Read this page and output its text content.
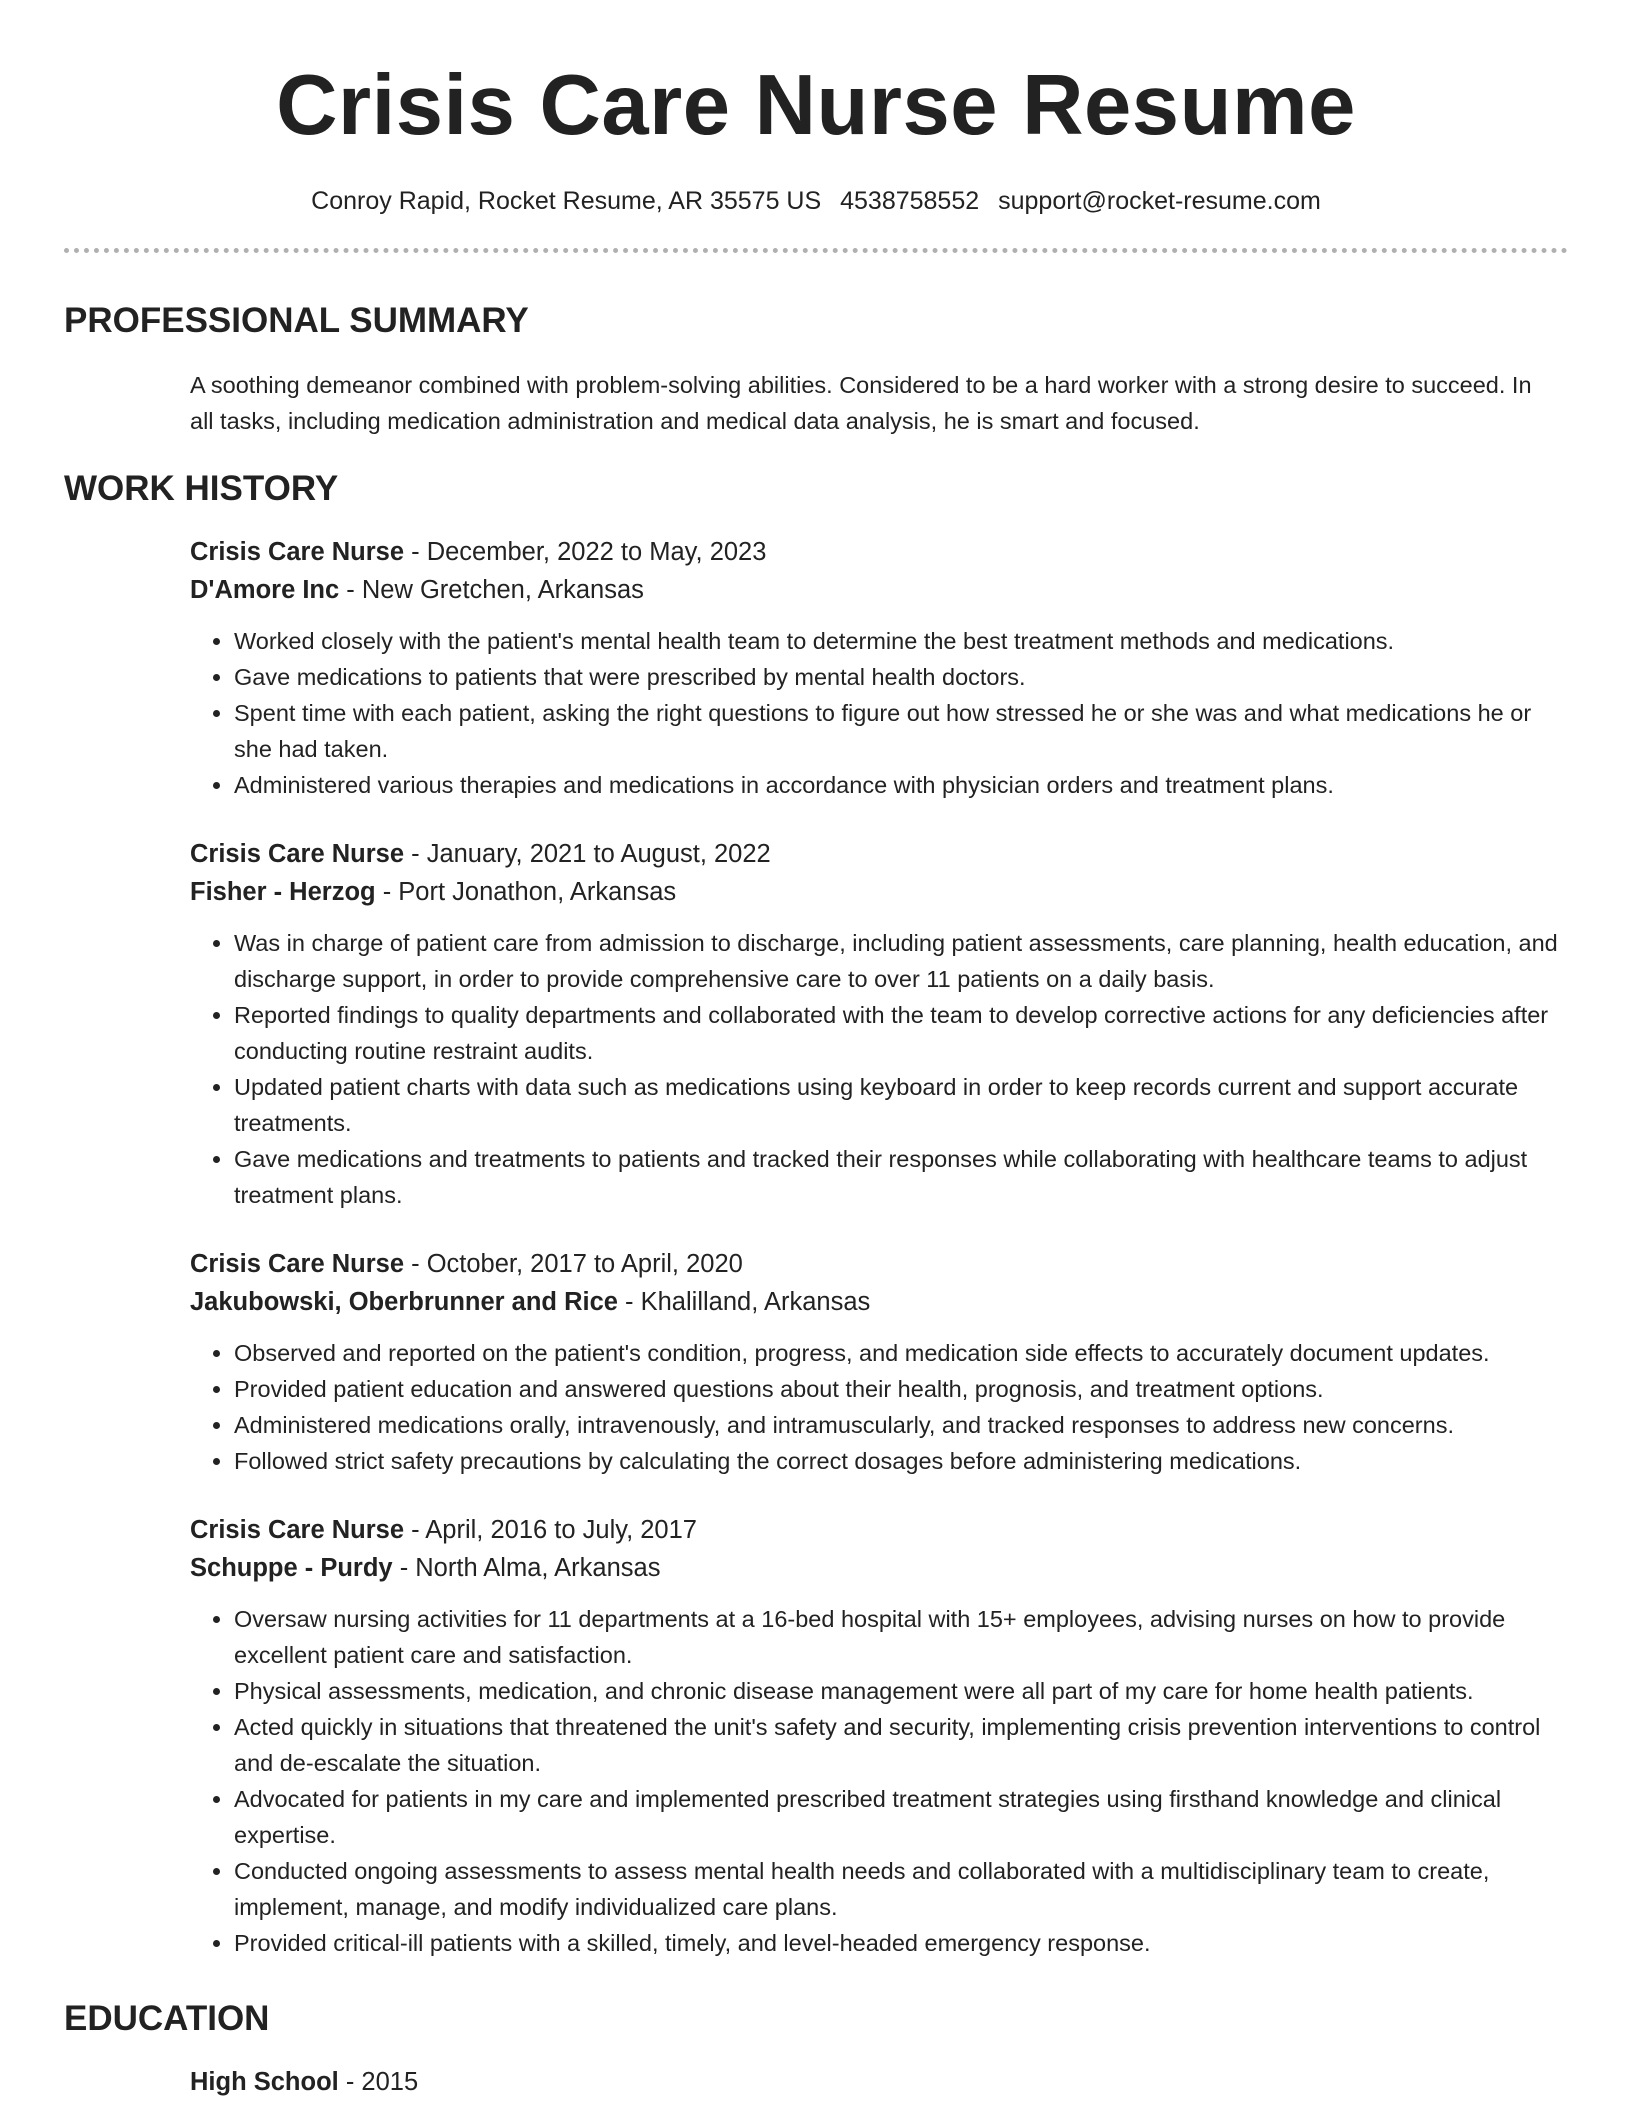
Crisis Care Nurse Resume
Conroy Rapid, Rocket Resume, AR 35575 US 4538758552 support@rocket-resume.com
PROFESSIONAL SUMMARY

A soothing demeanor combined with problem-solving abilities. Considered to be a hard worker with a strong desire to succeed. In all tasks, including medication administration and medical data analysis, he is smart and focused.

WORK HISTORY
Crisis Care Nurse - December, 2022 to May, 2023
D'Amore Inc - New Gretchen, Arkansas
• Worked closely with the patient's mental health team to determine the best treatment methods and medications.
• Gave medications to patients that were prescribed by mental health doctors.
• Spent time with each patient, asking the right questions to figure out how stressed he or she was and what medications he or she had taken.
• Administered various therapies and medications in accordance with physician orders and treatment plans.
Crisis Care Nurse - January, 2021 to August, 2022
Fisher - Herzog - Port Jonathon, Arkansas
• Was in charge of patient care from admission to discharge, including patient assessments, care planning, health education, and discharge support, in order to provide comprehensive care to over 11 patients on a daily basis.
• Reported findings to quality departments and collaborated with the team to develop corrective actions for any deficiencies after conducting routine restraint audits.
• Updated patient charts with data such as medications using keyboard in order to keep records current and support accurate treatments.
• Gave medications and treatments to patients and tracked their responses while collaborating with healthcare teams to adjust treatment plans.
Crisis Care Nurse - October, 2017 to April, 2020
Jakubowski, Oberbrunner and Rice - Khalilland, Arkansas
• Observed and reported on the patient's condition, progress, and medication side effects to accurately document updates.
• Provided patient education and answered questions about their health, prognosis, and treatment options.
• Administered medications orally, intravenously, and intramuscularly, and tracked responses to address new concerns.
• Followed strict safety precautions by calculating the correct dosages before administering medications.
Crisis Care Nurse - April, 2016 to July, 2017
Schuppe - Purdy - North Alma, Arkansas
• Oversaw nursing activities for 11 departments at a 16-bed hospital with 15+ employees, advising nurses on how to provide excellent patient care and satisfaction.
• Physical assessments, medication, and chronic disease management were all part of my care for home health patients.
• Acted quickly in situations that threatened the unit's safety and security, implementing crisis prevention interventions to control and de-escalate the situation.
• Advocated for patients in my care and implemented prescribed treatment strategies using firsthand knowledge and clinical expertise.
• Conducted ongoing assessments to assess mental health needs and collaborated with a multidisciplinary team to create, implement, manage, and modify individualized care plans.
• Provided critical-ill patients with a skilled, timely, and level-headed emergency response.
EDUCATION
High School - 2015
